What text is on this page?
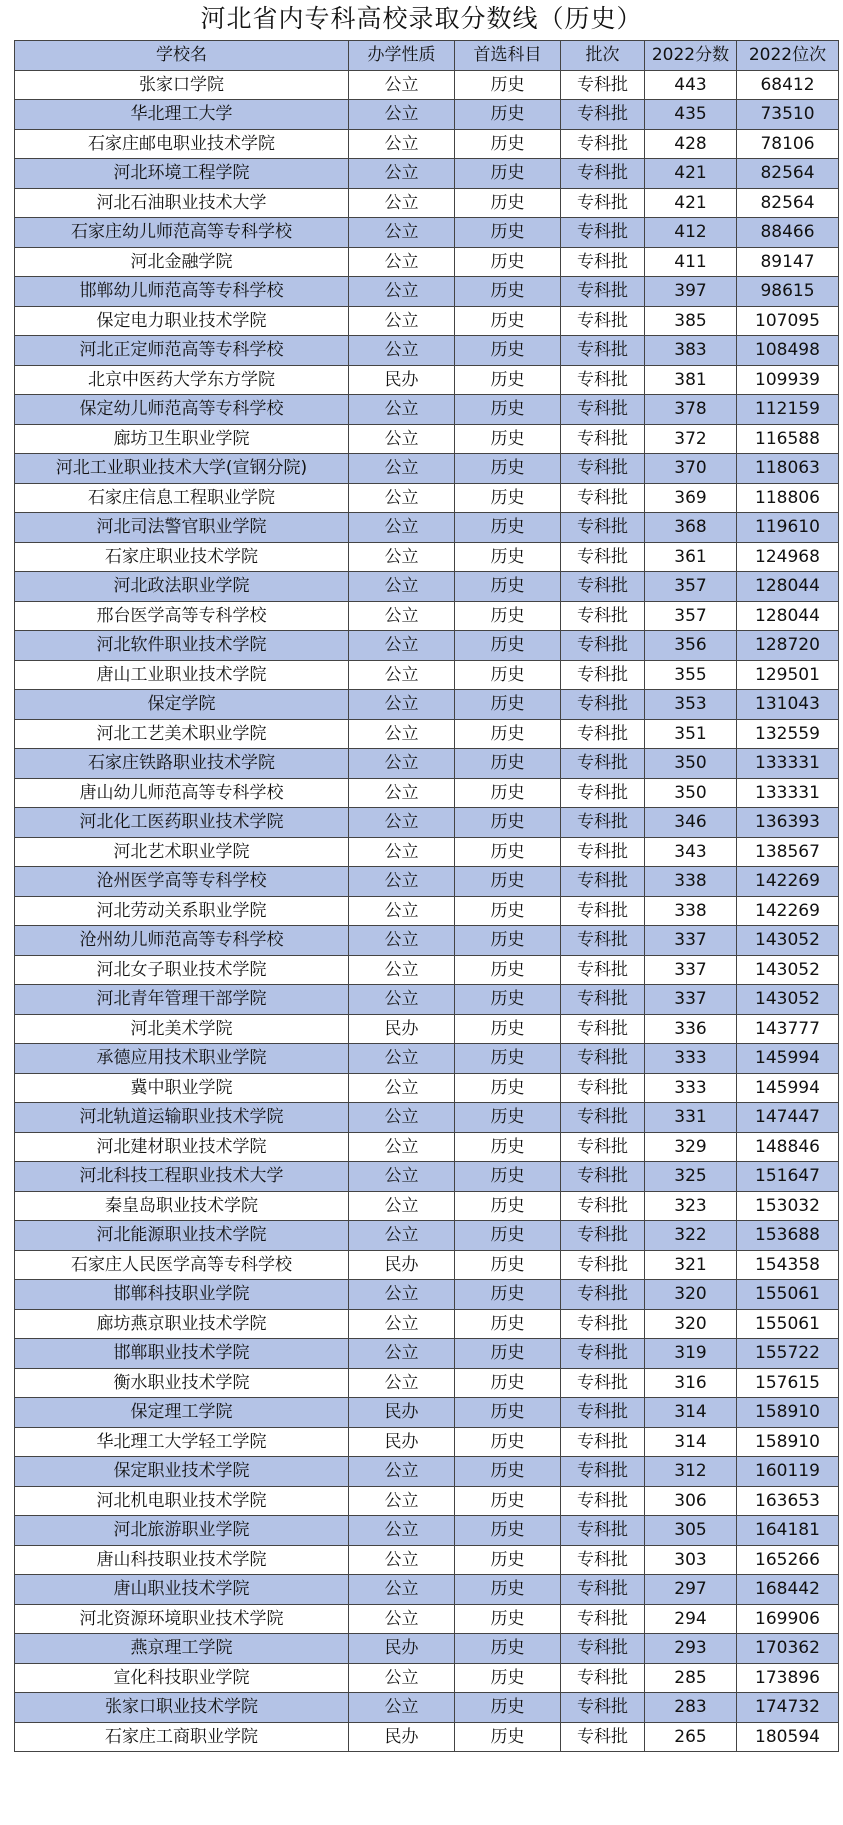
河北省内专科高校录取分数线（历史）
学校名	办学性质	首选科目	批次	2022分数	2022位次
张家口学院	公立	历史	专科批	443	68412
华北理工大学	公立	历史	专科批	435	73510
石家庄邮电职业技术学院	公立	历史	专科批	428	78106
河北环境工程学院	公立	历史	专科批	421	82564
河北石油职业技术大学	公立	历史	专科批	421	82564
石家庄幼儿师范高等专科学校	公立	历史	专科批	412	88466
河北金融学院	公立	历史	专科批	411	89147
邯郸幼儿师范高等专科学校	公立	历史	专科批	397	98615
保定电力职业技术学院	公立	历史	专科批	385	107095
河北正定师范高等专科学校	公立	历史	专科批	383	108498
北京中医药大学东方学院	民办	历史	专科批	381	109939
保定幼儿师范高等专科学校	公立	历史	专科批	378	112159
廊坊卫生职业学院	公立	历史	专科批	372	116588
河北工业职业技术大学(宣钢分院)	公立	历史	专科批	370	118063
石家庄信息工程职业学院	公立	历史	专科批	369	118806
河北司法警官职业学院	公立	历史	专科批	368	119610
石家庄职业技术学院	公立	历史	专科批	361	124968
河北政法职业学院	公立	历史	专科批	357	128044
邢台医学高等专科学校	公立	历史	专科批	357	128044
河北软件职业技术学院	公立	历史	专科批	356	128720
唐山工业职业技术学院	公立	历史	专科批	355	129501
保定学院	公立	历史	专科批	353	131043
河北工艺美术职业学院	公立	历史	专科批	351	132559
石家庄铁路职业技术学院	公立	历史	专科批	350	133331
唐山幼儿师范高等专科学校	公立	历史	专科批	350	133331
河北化工医药职业技术学院	公立	历史	专科批	346	136393
河北艺术职业学院	公立	历史	专科批	343	138567
沧州医学高等专科学校	公立	历史	专科批	338	142269
河北劳动关系职业学院	公立	历史	专科批	338	142269
沧州幼儿师范高等专科学校	公立	历史	专科批	337	143052
河北女子职业技术学院	公立	历史	专科批	337	143052
河北青年管理干部学院	公立	历史	专科批	337	143052
河北美术学院	民办	历史	专科批	336	143777
承德应用技术职业学院	公立	历史	专科批	333	145994
冀中职业学院	公立	历史	专科批	333	145994
河北轨道运输职业技术学院	公立	历史	专科批	331	147447
河北建材职业技术学院	公立	历史	专科批	329	148846
河北科技工程职业技术大学	公立	历史	专科批	325	151647
秦皇岛职业技术学院	公立	历史	专科批	323	153032
河北能源职业技术学院	公立	历史	专科批	322	153688
石家庄人民医学高等专科学校	民办	历史	专科批	321	154358
邯郸科技职业学院	公立	历史	专科批	320	155061
廊坊燕京职业技术学院	公立	历史	专科批	320	155061
邯郸职业技术学院	公立	历史	专科批	319	155722
衡水职业技术学院	公立	历史	专科批	316	157615
保定理工学院	民办	历史	专科批	314	158910
华北理工大学轻工学院	民办	历史	专科批	314	158910
保定职业技术学院	公立	历史	专科批	312	160119
河北机电职业技术学院	公立	历史	专科批	306	163653
河北旅游职业学院	公立	历史	专科批	305	164181
唐山科技职业技术学院	公立	历史	专科批	303	165266
唐山职业技术学院	公立	历史	专科批	297	168442
河北资源环境职业技术学院	公立	历史	专科批	294	169906
燕京理工学院	民办	历史	专科批	293	170362
宣化科技职业学院	公立	历史	专科批	285	173896
张家口职业技术学院	公立	历史	专科批	283	174732
石家庄工商职业学院	民办	历史	专科批	265	180594
